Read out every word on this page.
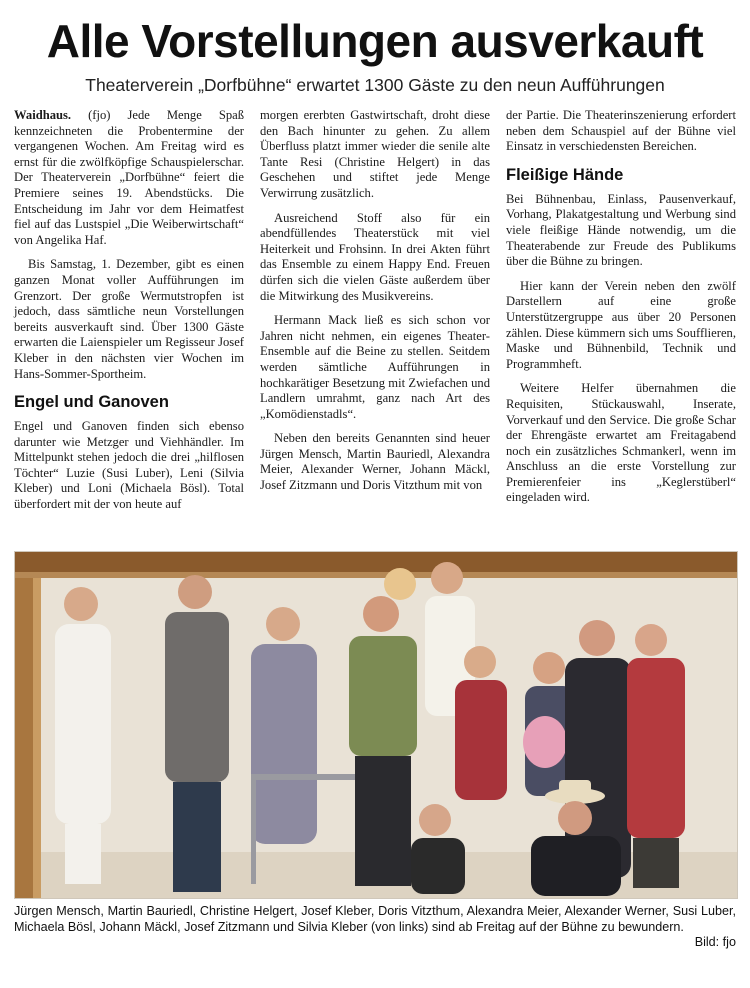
Alle Vorstellungen ausverkauft
Theaterverein „Dorfbühne“ erwartet 1300 Gäste zu den neun Aufführungen

Waidhaus. (fjo) Jede Menge Spaß kennzeichneten die Probentermine der vergangenen Wochen. Am Freitag wird es ernst für die zwölfköpfige Schauspielerschar. Der Theaterverein „Dorfbühne“ feiert die Premiere seines 19. Abendstücks. Die Entscheidung im Jahr vor dem Heimatfest fiel auf das Lustspiel „Die Weiberwirtschaft“ von Angelika Haf.

Bis Samstag, 1. Dezember, gibt es einen ganzen Monat voller Aufführungen im Grenzort. Der große Wermutstropfen ist jedoch, dass sämtliche neun Vorstellungen bereits ausverkauft sind. Über 1300 Gäste erwarten die Laienspieler um Regisseur Josef Kleber in den nächsten vier Wochen im Hans-Sommer-Sportheim.

Engel und Ganoven

Engel und Ganoven finden sich ebenso darunter wie Metzger und Viehhändler. Im Mittelpunkt stehen jedoch die drei „hilflosen Töchter“ Luzie (Susi Luber), Leni (Silvia Kleber) und Loni (Michaela Bösl). Total überfordert mit der von heute auf

morgen ererbten Gastwirtschaft, droht diese den Bach hinunter zu gehen. Zu allem Überfluss platzt immer wieder die senile alte Tante Resi (Christine Helgert) in das Geschehen und stiftet jede Menge Verwirrung zusätzlich.

Ausreichend Stoff also für ein abendfüllendes Theaterstück mit viel Heiterkeit und Frohsinn. In drei Akten führt das Ensemble zu einem Happy End. Freuen dürfen sich die vielen Gäste außerdem über die Mitwirkung des Musikvereins.

Hermann Mack ließ es sich schon vor Jahren nicht nehmen, ein eigenes Theater-Ensemble auf die Beine zu stellen. Seitdem werden sämtliche Aufführungen in hochkarätiger Besetzung mit Zwiefachen und Landlern umrahmt, ganz nach Art des „Komödienstadls“.

Neben den bereits Genannten sind heuer Jürgen Mensch, Martin Bauriedl, Alexandra Meier, Alexander Werner, Johann Mäckl, Josef Zitzmann und Doris Vitzthum mit von

der Partie. Die Theaterinszenierung erfordert neben dem Schauspiel auf der Bühne viel Einsatz in verschiedensten Bereichen.

Fleißige Hände

Bei Bühnenbau, Einlass, Pausenverkauf, Vorhang, Plakatgestaltung und Werbung sind viele fleißige Hände notwendig, um die Theaterabende zur Freude des Publikums über die Bühne zu bringen.

Hier kann der Verein neben den zwölf Darstellern auf eine große Unterstützergruppe aus über 20 Personen zählen. Diese kümmern sich ums Soufflieren, Maske und Bühnenbild, Technik und Programmheft.

Weitere Helfer übernahmen die Requisiten, Stückauswahl, Inserate, Vorverkauf und den Service. Die große Schar der Ehrengäste erwartet am Freitagabend noch ein zusätzliches Schmankerl, wenn im Anschluss an die erste Vorstellung zur Premierenfeier ins „Keglerstüberl“ eingeladen wird.

Jürgen Mensch, Martin Bauriedl, Christine Helgert, Josef Kleber, Doris Vitzthum, Alexandra Meier, Alexander Werner, Susi Luber, Michaela Bösl, Johann Mäckl, Josef Zitzmann und Silvia Kleber (von links) sind ab Freitag auf der Bühne zu bewundern.
Bild: fjo
